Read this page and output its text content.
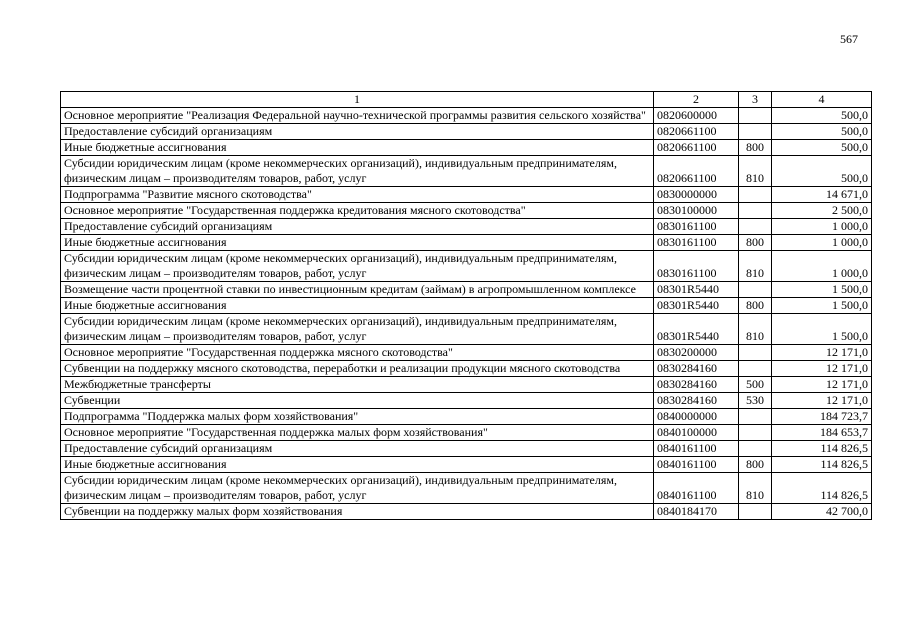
567
1	2	3	4
Основное мероприятие "Реализация Федеральной научно-технической программы развития сельского хозяйства"	0820600000		500,0
Предоставление субсидий организациям	0820661100		500,0
Иные бюджетные ассигнования	0820661100	800	500,0
Субсидии юридическим лицам (кроме некоммерческих организаций), индивидуальным предпринимателям, физическим лицам – производителям товаров, работ, услуг	0820661100	810	500,0
Подпрограмма "Развитие мясного скотоводства"	0830000000		14 671,0
Основное мероприятие "Государственная поддержка кредитования мясного скотоводства"	0830100000		2 500,0
Предоставление субсидий организациям	0830161100		1 000,0
Иные бюджетные ассигнования	0830161100	800	1 000,0
Субсидии юридическим лицам (кроме некоммерческих организаций), индивидуальным предпринимателям, физическим лицам – производителям товаров, работ, услуг	0830161100	810	1 000,0
Возмещение части процентной ставки по инвестиционным кредитам (займам) в агропромышленном комплексе	08301R5440		1 500,0
Иные бюджетные ассигнования	08301R5440	800	1 500,0
Субсидии юридическим лицам (кроме некоммерческих организаций), индивидуальным предпринимателям, физическим лицам – производителям товаров, работ, услуг	08301R5440	810	1 500,0
Основное мероприятие "Государственная поддержка мясного скотоводства"	0830200000		12 171,0
Субвенции на поддержку мясного скотоводства, переработки и реализации продукции мясного скотоводства	0830284160		12 171,0
Межбюджетные трансферты	0830284160	500	12 171,0
Субвенции	0830284160	530	12 171,0
Подпрограмма "Поддержка малых форм хозяйствования"	0840000000		184 723,7
Основное мероприятие "Государственная поддержка малых форм хозяйствования"	0840100000		184 653,7
Предоставление субсидий организациям	0840161100		114 826,5
Иные бюджетные ассигнования	0840161100	800	114 826,5
Субсидии юридическим лицам (кроме некоммерческих организаций), индивидуальным предпринимателям, физическим лицам – производителям товаров, работ, услуг	0840161100	810	114 826,5
Субвенции на поддержку малых форм хозяйствования	0840184170		42 700,0
